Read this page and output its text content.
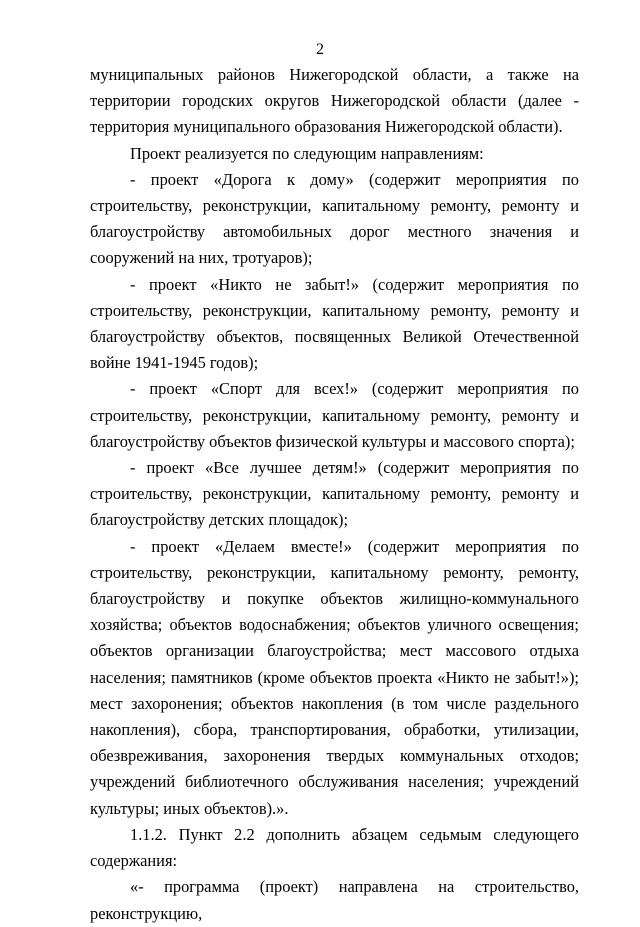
2

муниципальных районов Нижегородской области, а также на территории городских округов Нижегородской области (далее - территория муниципального образования Нижегородской области).

Проект реализуется по следующим направлениям:

- проект «Дорога к дому» (содержит мероприятия по строительству, реконструкции, капитальному ремонту, ремонту и благоустройству автомобильных дорог местного значения и сооружений на них, тротуаров);

- проект «Никто не забыт!» (содержит мероприятия по строительству, реконструкции, капитальному ремонту, ремонту и благоустройству объектов, посвященных Великой Отечественной войне 1941-1945 годов);

- проект «Спорт для всех!» (содержит мероприятия по строительству, реконструкции, капитальному ремонту, ремонту и благоустройству объектов физической культуры и массового спорта);

- проект «Все лучшее детям!» (содержит мероприятия по строительству, реконструкции, капитальному ремонту, ремонту и благоустройству детских площадок);

- проект «Делаем вместе!» (содержит мероприятия по строительству, реконструкции, капитальному ремонту, ремонту, благоустройству и покупке объектов жилищно-коммунального хозяйства; объектов водоснабжения; объектов уличного освещения; объектов организации благоустройства; мест массового отдыха населения; памятников (кроме объектов проекта «Никто не забыт!»); мест захоронения; объектов накопления (в том числе раздельного накопления), сбора, транспортирования, обработки, утилизации, обезвреживания, захоронения твердых коммунальных отходов; учреждений библиотечного обслуживания населения; учреждений культуры; иных объектов).».

1.1.2. Пункт 2.2 дополнить абзацем седьмым следующего содержания:

«- программа (проект) направлена на строительство, реконструкцию,
